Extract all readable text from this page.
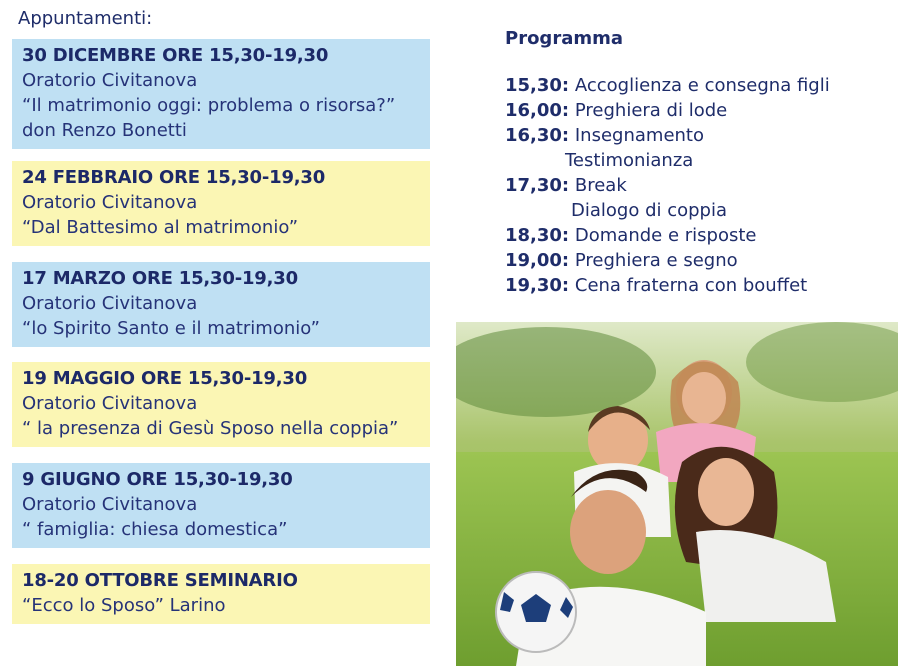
Appuntamenti:
30 DICEMBRE ORE 15,30-19,30
Oratorio Civitanova
“Il matrimonio oggi: problema o risorsa?”
don Renzo Bonetti
24 FEBBRAIO ORE 15,30-19,30
Oratorio Civitanova
“Dal Battesimo al matrimonio”
17 MARZO ORE 15,30-19,30
Oratorio Civitanova
“lo Spirito Santo e il matrimonio”
19 MAGGIO ORE 15,30-19,30
Oratorio Civitanova
“ la presenza di Gesù Sposo nella coppia”
9 GIUGNO ORE 15,30-19,30
Oratorio Civitanova
“ famiglia: chiesa domestica”
18-20 OTTOBRE SEMINARIO
“Ecco lo Sposo” Larino
Programma
15,30: Accoglienza e consegna figli
16,00: Preghiera di lode
16,30: Insegnamento
Testimonianza
17,30: Break
Dialogo di coppia
18,30: Domande e risposte
19,00: Preghiera e segno
19,30: Cena fraterna con bouffet
